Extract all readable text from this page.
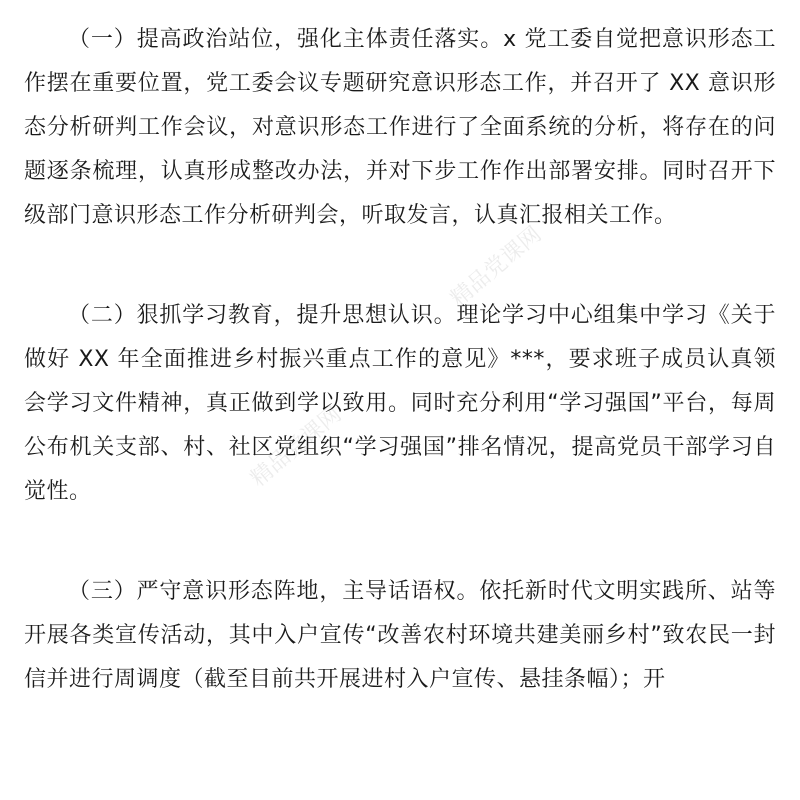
（一）提高政治站位，强化主体责任落实。x 党工委自觉把意识形态工作摆在重要位置，党工委会议专题研究意识形态工作，并召开了 XX 意识形态分析研判工作会议，对意识形态工作进行了全面系统的分析，将存在的问题逐条梳理，认真形成整改办法，并对下步工作作出部署安排。同时召开下级部门意识形态工作分析研判会，听取发言，认真汇报相关工作。

（二）狠抓学习教育，提升思想认识。理论学习中心组集中学习《关于做好 XX 年全面推进乡村振兴重点工作的意见》***，要求班子成员认真领会学习文件精神，真正做到学以致用。同时充分利用“学习强国”平台，每周公布机关支部、村、社区党组织“学习强国”排名情况，提高党员干部学习自觉性。

（三）严守意识形态阵地，主导话语权。依托新时代文明实践所、站等开展各类宣传活动，其中入户宣传“改善农村环境共建美丽乡村”致农民一封信并进行周调度（截至目前共开展进村入户宣传、悬挂条幅）；开

精品党课网
精品党课网
